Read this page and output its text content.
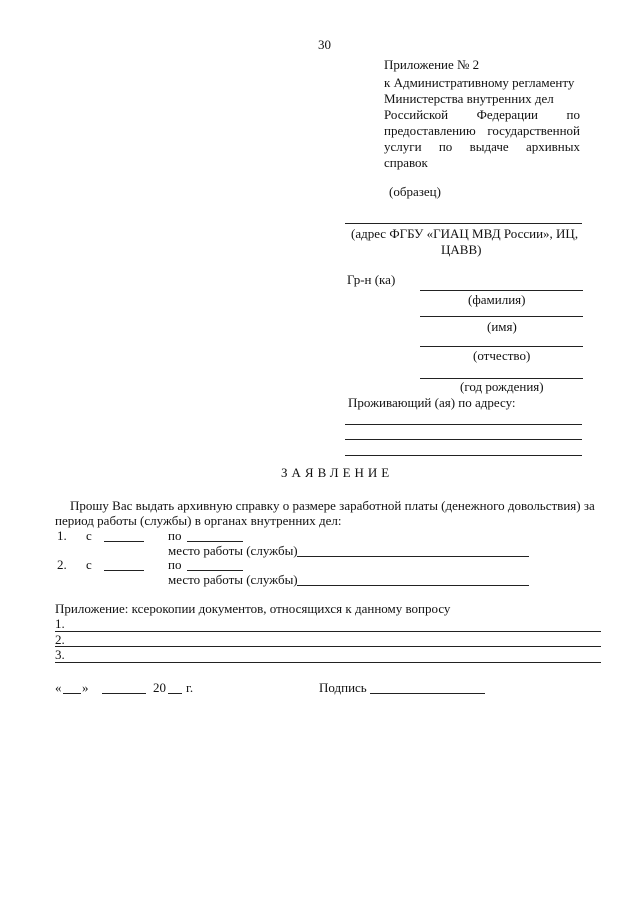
30
Приложение № 2
к Административному регламенту
Министерства внутренних дел
Российской Федерации по
предоставлению государственной
услуги по выдаче архивных
справок
(образец)
(адрес ФГБУ «ГИАЦ МВД России», ИЦ,
ЦАВВ)
Гр-н (ка)
(фамилия)
(имя)
(отчество)
(год рождения)
Проживающий (ая) по адресу:
ЗАЯВЛЕНИЕ
Прошу Вас выдать архивную справку о размере заработной платы (денежного довольствия) за
период работы (службы) в органах внутренних дел:
1. с	по
место работы (службы)
2. с	по
место работы (службы)
Приложение: ксерокопии документов, относящихся к данному вопросу
1.
2.
3.
« »	20 г.	Подпись
